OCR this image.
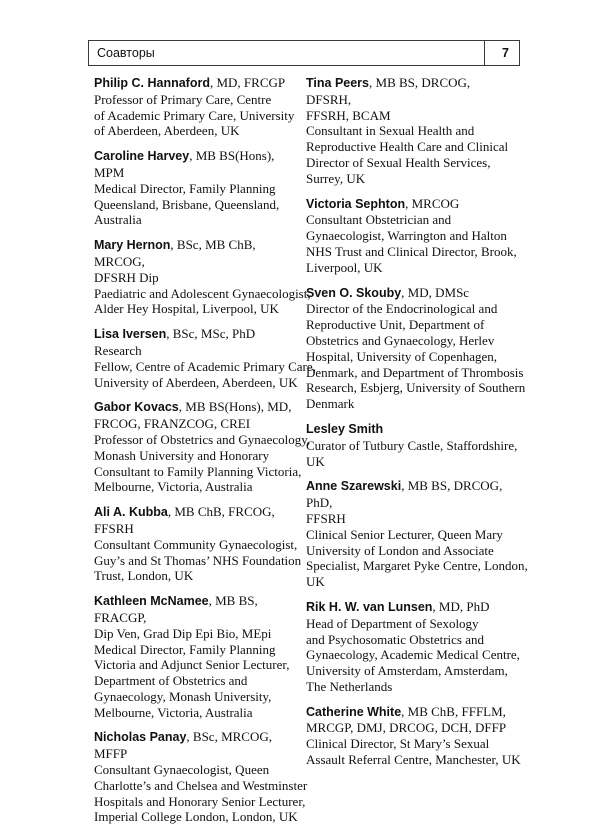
Соавторы	7
Philip C. Hannaford, MD, FRCGP
Professor of Primary Care, Centre
of Academic Primary Care, University
of Aberdeen, Aberdeen, UK
Caroline Harvey, MB BS(Hons), MPM
Medical Director, Family Planning
Queensland, Brisbane, Queensland,
Australia
Mary Hernon, BSc, MB ChB, MRCOG,
DFSRH Dip
Paediatric and Adolescent Gynaecologist,
Alder Hey Hospital, Liverpool, UK
Lisa Iversen, BSc, MSc, PhD Research
Fellow, Centre of Academic Primary Care,
University of Aberdeen, Aberdeen, UK
Gabor Kovacs, MB BS(Hons), MD,
FRCOG, FRANZCOG, CREI
Professor of Obstetrics and Gynaecology,
Monash University and Honorary
Consultant to Family Planning Victoria,
Melbourne, Victoria, Australia
Ali A. Kubba, MB ChB, FRCOG, FFSRH
Consultant Community Gynaecologist,
Guy’s and St Thomas’ NHS Foundation
Trust, London, UK
Kathleen McNamee, MB BS, FRACGP,
Dip Ven, Grad Dip Epi Bio, MEpi
Medical Director, Family Planning
Victoria and Adjunct Senior Lecturer,
Department of Obstetrics and
Gynaecology, Monash University,
Melbourne, Victoria, Australia
Nicholas Panay, BSc, MRCOG, MFFP
Consultant Gynaecologist, Queen
Charlotte’s and Chelsea and Westminster
Hospitals and Honorary Senior Lecturer,
Imperial College London, London, UK
Tina Peers, MB BS, DRCOG, DFSRH,
FFSRH, BCAM
Consultant in Sexual Health and
Reproductive Health Care and Clinical
Director of Sexual Health Services,
Surrey, UK
Victoria Sephton, MRCOG
Consultant Obstetrician and
Gynaecologist, Warrington and Halton
NHS Trust and Clinical Director, Brook,
Liverpool, UK
Sven O. Skouby, MD, DMSc
Director of the Endocrinological and
Reproductive Unit, Department of
Obstetrics and Gynaecology, Herlev
Hospital, University of Copenhagen,
Denmark, and Department of Thrombosis
Research, Esbjerg, University of Southern
Denmark
Lesley Smith
Curator of Tutbury Castle, Staffordshire,
UK
Anne Szarewski, MB BS, DRCOG, PhD,
FFSRH
Clinical Senior Lecturer, Queen Mary
University of London and Associate
Specialist, Margaret Pyke Centre, London,
UK
Rik H. W. van Lunsen, MD, PhD
Head of Department of Sexology
and Psychosomatic Obstetrics and
Gynaecology, Academic Medical Centre,
University of Amsterdam, Amsterdam,
The Netherlands
Catherine White, MB ChB, FFFLM,
MRCGP, DMJ, DRCOG, DCH, DFFP
Clinical Director, St Mary’s Sexual
Assault Referral Centre, Manchester, UK
